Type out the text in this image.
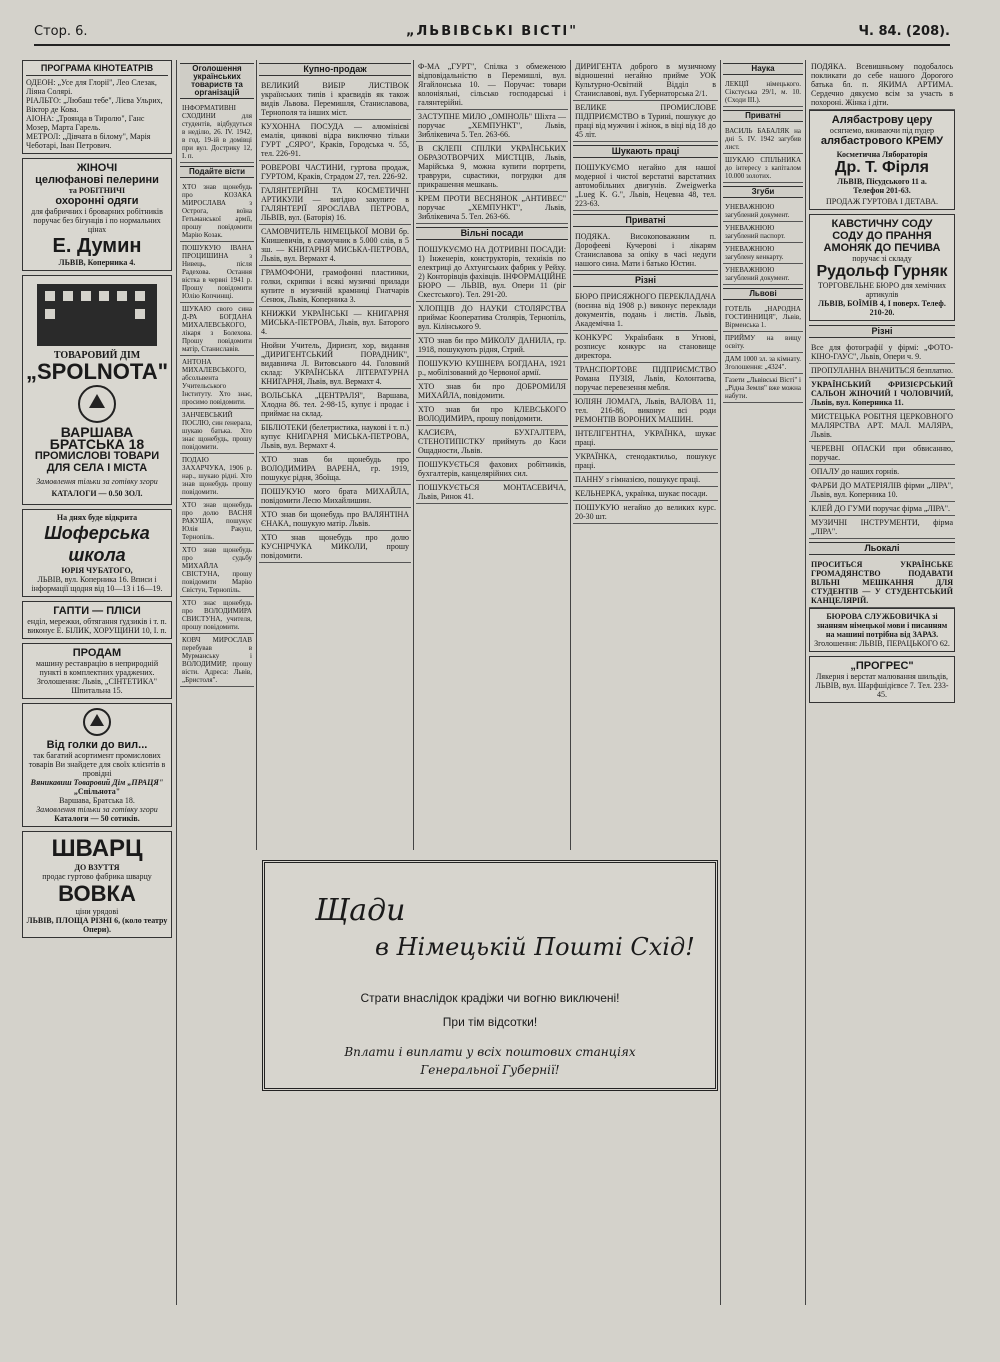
Стор. 6.	„ЛЬВІВСЬКІ ВІСТІ"	Ч. 84. (208).
ПРОГРАМА КІНОТЕАТРІВ
ОДЕОН: „Усе для Глорії", Лео Слезак, Ліяна Солярі.
РІАЛЬТО: „Любаш тебе", Лієва Ульрих, Віктор де Кова.
АІОНА: „Троянда в Тиролю", Ганс Мозер, Марта Гарель.
МЕТРОЛ: „Дівчата в білому", Марія Чеботарі, Іван Петрович.
ЖІНОЧІ
целюфанові пелерини
та РОБІТНИЧІ
охоронні одяги
для фабричних і броварних робітників поручає без бігунців і по нормальних цінах
Е. Думин
ЛЬВІВ, Коперника 4.
ТОВАРОВИЙ ДІМ
„SPOLNOTA"
ВАРШАВА
БРАТСЬКА 18
ПРОМИСЛОВІ ТОВАРИ ДЛЯ СЕЛА І МІСТА
Замовлення тільки за готівку згори
КАТАЛОГИ — 0.50 ЗОЛ.
На днях буде відкрита
Шоферська школа
ЮРІЯ ЧУБАТОГО,
ЛЬВІВ, вул. Коперника 16. Вписи і інформації щодня від 10—13 і 16—19.
ГАПТИ — ПЛІСИ
енділ, мережки, обтягання ґудзиків і т. п. виконує Е. БІЛИК, ХОРУЩИНИ 10, I. п.
ПРОДАМ
машину реставрацію в неприродній пункті в комплектних ураджених. Зголошення: Львів, „СІНТЕТИКА" Шпитальна 15.
Від голки до вил...
так багатий асортимент промислових товарів Ви знайдете для своїх клієнтів в провідні
Вяникавиш Товаровий Дім „ПРАЦЯ"
„Спільнота"
Варшава, Братська 18.
Замовлення тільки за готівку згори
Каталоги — 50 сотиків.
ШВАРЦ
ДО ВЗУТТЯ
продає гуртово фабрика шварцу
ВОВКА
ціни урядові
ЛЬВІВ, ПЛОЩА РІЗНІ 6, (коло театру Опери).
Оголошення українських товариств та організацій
ІНФОРМАТИВНІ СХОДИНИ для студентів, відбудуться в неділю, 26. IV. 1942, в год. 19-ій в домівці при вул. Дострику 12, I. п.
Подайте вісти
ХТО знав щонебудь про КОЗАКА МИРОСЛАВА з Острога, воїна Гетьманської армії, прошу повідомити Марію Козак.
ПОШУКУЮ ІВАНА ПРОЦИШИНА з Нивець, після Радехова. Остання вістка в червні 1941 р. Прошу повідомити Юлію Копчинщі.
ШУКАЮ свого сина Д-РА БОГДАНА МИХАЛЕВСЬКОГО, лікаря з Болехова. Прошу повідомити матір, Станиславів.
АНТОНА МИХАЛЕВСЬКОГО, абсольвента Учительського Інституту. Хто знає, просимо повідомити.
ЗАНЧЕВСЬКИЙ ПОСЛЮ, син ґенерала, шукаю батька. Хто знає щонебудь, прошу повідомити.
ПОДАЮ ЗАХАРЧУКА, 1906 р. нар., шукаю рідні. Хто знав щонебудь прошу повідомити.
ХТО знав щонебудь про долю ВАСНЯ РАКУША, пошукує Юлія Ракуш, Тернопіль.
ХТО знав щонебудь про судьбу МИХАЙЛА СВІСТУНА, прошу повідомити Марію Свістун, Тернопіль.
ХТО знає щонебудь про ВОЛОДИМИРА СВИСТУНА, учителя, прошу повідомити.
КОВЧ МИРОСЛАВ перебував в Мурманську і ВОЛОДИМИР, прошу вісти. Адреса: Львів, „Бристоля".
Купно-продаж
ВЕЛИКИЙ ВИБІР ЛИСТІВОК українських типів і краєвидів як також видів Львова. Перемишля, Станиславова, Тернополя та інших міст.
КУХОННА ПОСУДА — алюмінієві емалія, цинкові відра виключно тільки ГУРТ „СЯРО", Краків, Городська ч. 55, тел. 226-91.
РОВЕРОВІ ЧАСТИНИ, гуртова продаж, ГУРТОМ, Краків, Страдом 27, тел. 226-92.
ГАЛЯНТЕРІЙНІ ТА КОСМЕТИЧНІ АРТИКУЛИ — вигідно закупите в ГАЛЯНТЕРІЇ ЯРОСЛАВА ПЕТРОВА, ЛЬВІВ, вул. (Баторія) 16.
САМОВЧИТЕЛЬ НІМЕЦЬКОЇ МОВИ бр. Книшевичів, в самоучник в 5.000 слів, в 5 зш. — КНИГАРНЯ МИСЬКА-ПЕТРОВА, Львів, вул. Вермахт 4.
ГРАМОФОНИ, грамофонні пластинки, голки, скрипки і всякі музичні прилади купите в музичній крамниці Гнатчарів Сенюк, Львів, Коперника 3.
КНИЖКИ УКРАЇНСЬКІ — КНИГАРНЯ МИСЬКА-ПЕТРОВА, Львів, вул. Баторого 4.
Нюйни Учитель, Дириєнт, хор, видання „ДИРИГЕНТСЬКИЙ ПОРАДНИК", видавнича Л. Витовського 44. Головний склад: УКРАЇНСЬКА ЛІТЕРАТУРНА КНИГАРНЯ, Львів, вул. Вермахт 4.
ВОЛЬСЬКА „ЦЕНТРАЛЯ", Варшава, Хлоднa 86. тел. 2-98-15, купує і продає і приймає на склад.
БІБЛІОТЕКИ (белетристика, наукові і т. п.) купує КНИГАРНЯ МИСЬКА-ПЕТРОВА, Львів, вул. Вермахт 4.
ХТО знав би щонебудь про ВОЛОДИМИРА ВАРЕНА, гр. 1919, пошукує рідня, Збоїща.
ПОШУКУЮ мого брата МИХАЙЛА, повідомити Лесю Михайлишин.
ХТО знав би щонебудь про ВАЛЯНТІНА ЄНАКА, пошукую матір. Львів.
ХТО знав щонебудь про долю КУСНІРЧУКА МИКОЛИ, прошу повідомити.
Ф-МА „ГУРТ", Спілка з обмеженою відповідальністю в Перемишлі, вул. Ягайлонська 10. — Поручає: товари колоніяльні, сільсько господарські і галянтерійні.
ЗАСТУПНЕ МИЛО „ОМІНОЛЬ" Шіхта — поручає „ХЕМПУНКТ", Львів, Зиблікевича 5. Тел. 263-66.
В СКЛЕПІ СПІЛКИ УКРАЇНСЬКИХ ОБРАЗОТВОРЧИХ МИСТЦІВ, Львів, Марійська 9, можна купити портрети, траврури, сцвастики, погрудки для прикрашення мешкань.
КРЕМ ПРОТИ ВЕСНЯНОК „АНТИВЕС" поручає „ХЕМПУНКТ", Львів, Зиблікевича 5. Тел. 263-66.
Вільні посади
ПОШУКУЄМО НА ДОТРИВНІ ПОСАДИ: 1) Інженерів, конструкторів, техніків по електриці до Ахтунгських фабрик у Рейху. 2) Конторівців фахівців. ІНФОРМАЦІЙНЕ БЮРО — ЛЬВІВ, вул. Опери 11 (ріг Скестського). Тел. 291-20.
ХЛОПЦІВ ДО НАУКИ СТОЛЯРСТВА приймає Кооператива Столярів, Тернопіль, вул. Кілінського 9.
ХТО знав би про МИКОЛУ ДАНИЛА, гр. 1918, пошукують рідня, Стрий.
ПОШУКУЮ КУШНЕРА БОГДАНА, 1921 р., мобілізований до Червоної армії.
ХТО знав би про ДОБРОМИЛЯ МИХАЙЛА, повідомити.
ХТО знав би про КЛЕВСЬКОГО ВОЛОДИМИРА, прошу повідомити.
КАСИЄРА, БУХГАЛТЕРА, СТЕНОТИПІСТКУ приймуть до Каси Ощадности, Львів.
ПОШУКУЄТЬСЯ фахових робітників, бухгалтерів, канцелярійних сил.
ПОШУКУЄТЬСЯ МОНТАСЕВИЧА, Львів, Ринок 41.
ДИРИГЕНТА доброго в музичному відношенні негайно прийме УОК Культурно-Освітній Відділ в Станиславові, вул. Губернаторська 2/1.
ВЕЛИКЕ ПРОМИСЛОВЕ ПІДПРИЄМСТВО в Турині, пошукує до праці від мужчин і жінок, в віці від 18 до 45 літ.
Шукають праці
ПОШУКУЄМО негайно для нашої модерної і чистої верстатні варстатних автомобільних двигунів. Zweigwerka „Lueg K. G.", Львів, Нецевна 48, тел. 223-63.
Приватні
ПОДЯКА. Високоповажним п. Дорофееві Кучерові і лікарям Станиславова за опіку в часі недуги нашого сина. Мати і батько Юстин.
Різні
БЮРО ПРИСЯЖНОГО ПЕРЕКЛАДАЧА (воєнна від 1908 р.) виконує переклади документів, подань і листів. Львів, Академічна 1.
КОНКУРС Українбанк в Угнові, розписує конкурс на становище директора.
ТРАНСПОРТОВЕ ПІДПРИЄМСТВО Романа ПУЗІЯ, Львів, Колонтаєва, поручає перевезення мебля.
ЮЛІЯН ЛОМАГА, Львів, ВАЛОВА 11, тел. 216-86, виконує всі роди РЕМОНТІВ ВОРОНИХ МАШИН.
ІНТЕЛІГЕНТНА, УКРАЇНКА, шукає праці.
УКРАЇНКА, стенодактильо, пошукує праці.
ПАННУ з гімназією, пошукує праці.
КЕЛЬНЕРКА, українка, шукає посади.
ПОШУКУЮ негайно до великих курс. 20-30 шт.
Наука
ЛЕКЦІЇ німецького. Сікстуська 29/1, м. 10. (Сходи ІІІ.).
Приватні
ВАСИЛЬ БАБАЛЯК на дні 5. IV. 1942 загубив лист.
ШУКАЮ СПІЛЬНИКА до інтересу з капіталом 10.000 золотих.
Згуби
УНЕВАЖНЮЮ загублений документ.
УНЕВАЖНЮЮ загублений паспорт.
УНЕВАЖНЮЮ загублену кенкарту.
УНЕВАЖНЮЮ загублений документ.
Львові
ГОТЕЛЬ „НАРОДНА ГОСТИННИЦЯ", Львів, Вірменська 1.
ПРИЙМУ на вищу освіту.
ДАМ 1000 зл. за кімнату. Зголошення: „4324".
Газети „Львівські Вісті" і „Рідна Земля" вже можна набути.
ПОДЯКА. Всевишньому подобалось покликати до себе нашого Дорогого батька бл. п. ЯКИМА АРТИМА. Сердечно дякуємо всім за участь в похороні. Жінка і діти.
Алябастрову церу
осягнемо, вживаючи під пудер
алябастрового КРЕМУ
Косметична Лябораторія
Др. Т. Фірля
ЛЬВІВ, Пісудського 11 а.
Телефон 201-63.
ПРОДАЖ ГУРТОВА І ДЕТАВА.
КАВСТИЧНУ СОДУ
СОДУ ДО ПРАННЯ
АМОНЯК ДО ПЕЧИВА
поручає зі складу
Рудольф Гурняк
ТОРГОВЕЛЬНЕ БЮРО для хемічних артикулів
ЛЬВІВ, БОЇМІВ 4, I поверх. Телеф. 210-20.
Різні
Все для фотографії у фірмі: „ФОТО-КІНО-ГАУС", Львів, Опери ч. 9.
ПРОПУЛАННА ВНАЧИТЬСЯ безплатно.
УКРАЇНСЬКИЙ ФРИЗІЄРСЬКИЙ САЛЬОН ЖІНОЧИЙ І ЧОЛОВІЧИЙ, Львів, вул. Коперника 11.
МИСТЕЦЬКА РОБІТНЯ ЦЕРКОВНОГО МАЛЯРСТВА АРТ. МАЛ. МАЛЯРА, Львів.
ЧЕРЕВНІ ОПАСКИ при обвисанню, поручає.
ОПАЛУ до наших горнів.
ФАРБИ ДО МАТЕРІЯЛІВ фірми „ЛІРА", Львів, вул. Коперника 10.
КЛЕЙ ДО ГУМИ поручає фірма „ЛІРА".
МУЗИЧНІ ІНСТРУМЕНТИ, фірма „ЛІРА".
Льокалі
ПРОСИТЬСЯ УКРАЇНСЬКЕ ГРОМАДЯНСТВО ПОДАВАТИ ВІЛЬНІ МЕШКАННЯ ДЛЯ СТУДЕНТІВ — У СТУДЕНТСЬКИЙ КАНЦЕЛЯРІЙ.
БЮРОВА СЛУЖБОВИЧКА зі знанням німецької мови і писанням на машині потрібна від ЗАРАЗ.
Зголошення: ЛЬВІВ, ПЕРАЦЬКОГО 62.
„ПРОГРЕС"
Лякерня і верстат малювання шильдів, ЛЬВІВ, вул. Шарфшідієвсе 7. Тел. 233-45.
Щади
в Німецькій Пошті Схід!
Страти внаслідок крадіжи чи вогню виключені!
При тім відсотки!
Вплати і виплати у всіх поштових станціях
Генеральної Губернії!
